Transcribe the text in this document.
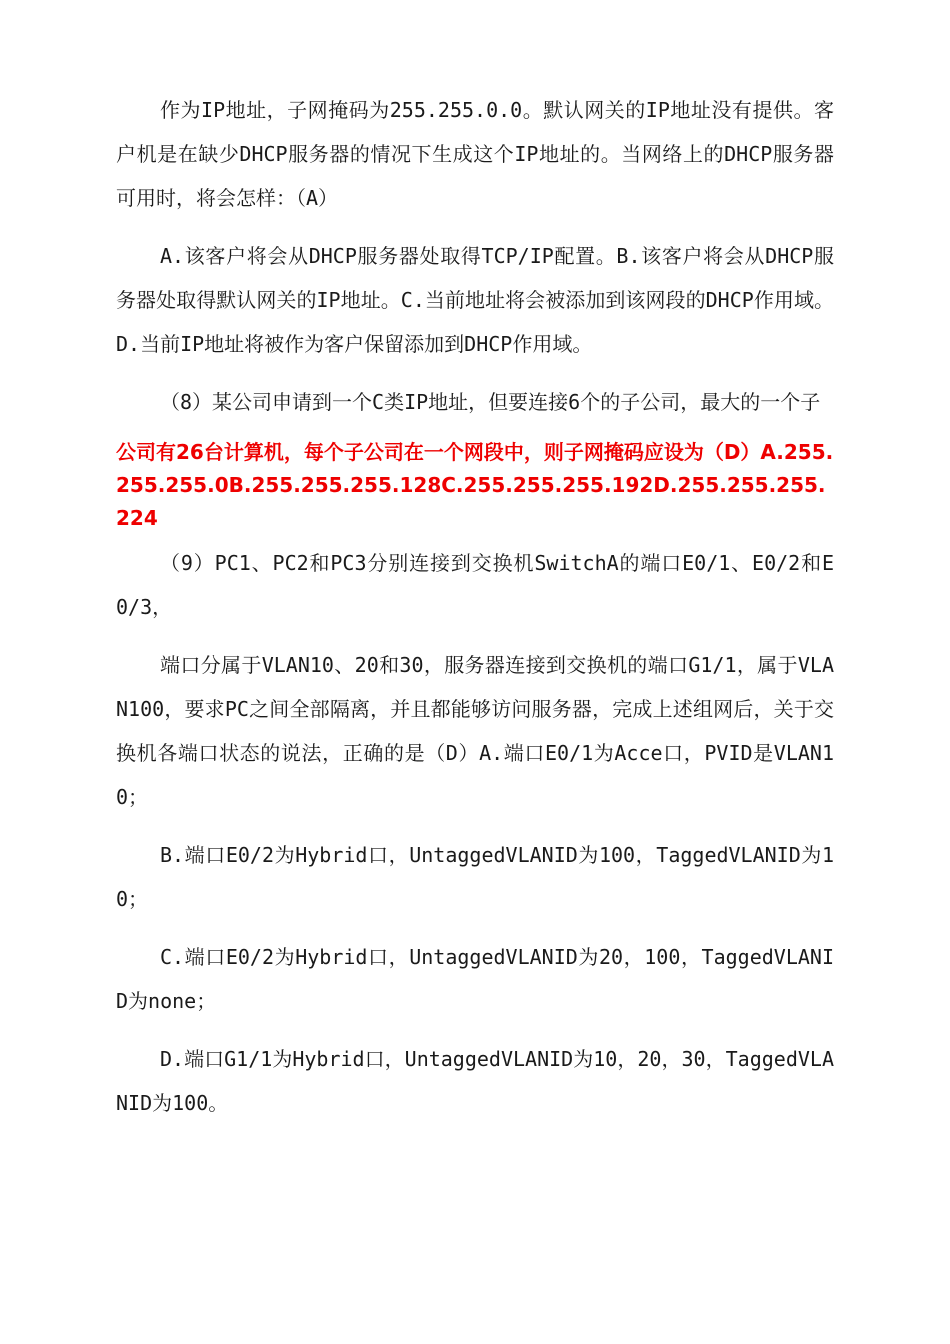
作为IP地址，子网掩码为255.255.0.0。默认网关的IP地址没有提供。客户机是在缺少DHCP服务器的情况下生成这个IP地址的。当网络上的DHCP服务器可用时，将会怎样：（A）

A.该客户将会从DHCP服务器处取得TCP/IP配置。B.该客户将会从DHCP服务器处取得默认网关的IP地址。C.当前地址将会被添加到该网段的DHCP作用域。D.当前IP地址将被作为客户保留添加到DHCP作用域。

（8）某公司申请到一个C类IP地址，但要连接6个的子公司，最大的一个子

公司有26台计算机，每个子公司在一个网段中，则子网掩码应设为（D）A.255.255.255.0B.255.255.255.128C.255.255.255.192D.255.255.255.224

（9）PC1、PC2和PC3分别连接到交换机SwitchA的端口E0/1、E0/2和E0/3，

端口分属于VLAN10、20和30，服务器连接到交换机的端口G1/1，属于VLAN100，要求PC之间全部隔离，并且都能够访问服务器，完成上述组网后，关于交换机各端口状态的说法，正确的是（D）A.端口E0/1为Acce口，PVID是VLAN10；

B.端口E0/2为Hybrid口，UntaggedVLANID为100，TaggedVLANID为10；

C.端口E0/2为Hybrid口，UntaggedVLANID为20，100，TaggedVLANID为none；

D.端口G1/1为Hybrid口，UntaggedVLANID为10，20，30，TaggedVLANID为100。
